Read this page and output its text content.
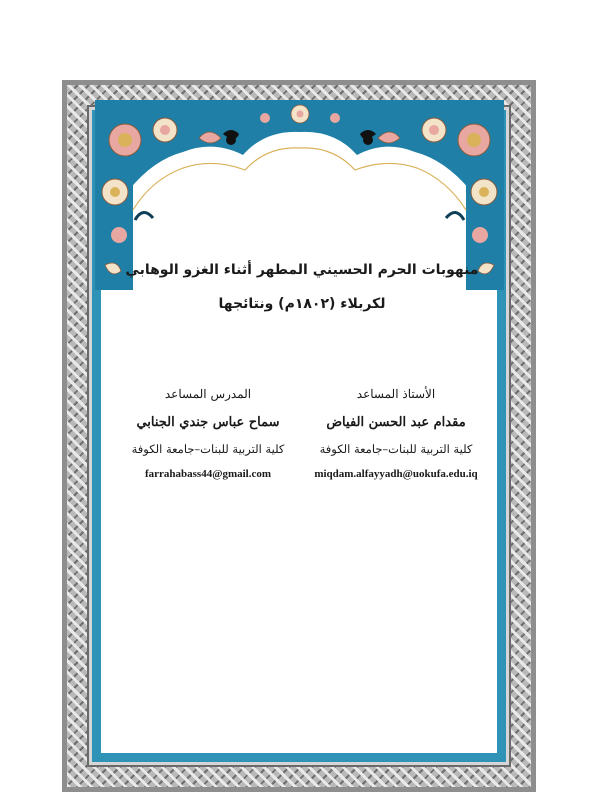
منهوبات الحرم الحسيني المطهر أثناء الغزو الوهابي
لكربلاء (١٨٠٢م) ونتائجها
الأستاذ المساعد
مقدام عبد الحسن الفياض
كلية التربية للبنات–جامعة الكوفة
miqdam.alfayyadh@uokufa.edu.iq
المدرس المساعد
سماح عباس جندي الجنابي
كلية التربية للبنات–جامعة الكوفة
farrahabass44@gmail.com
